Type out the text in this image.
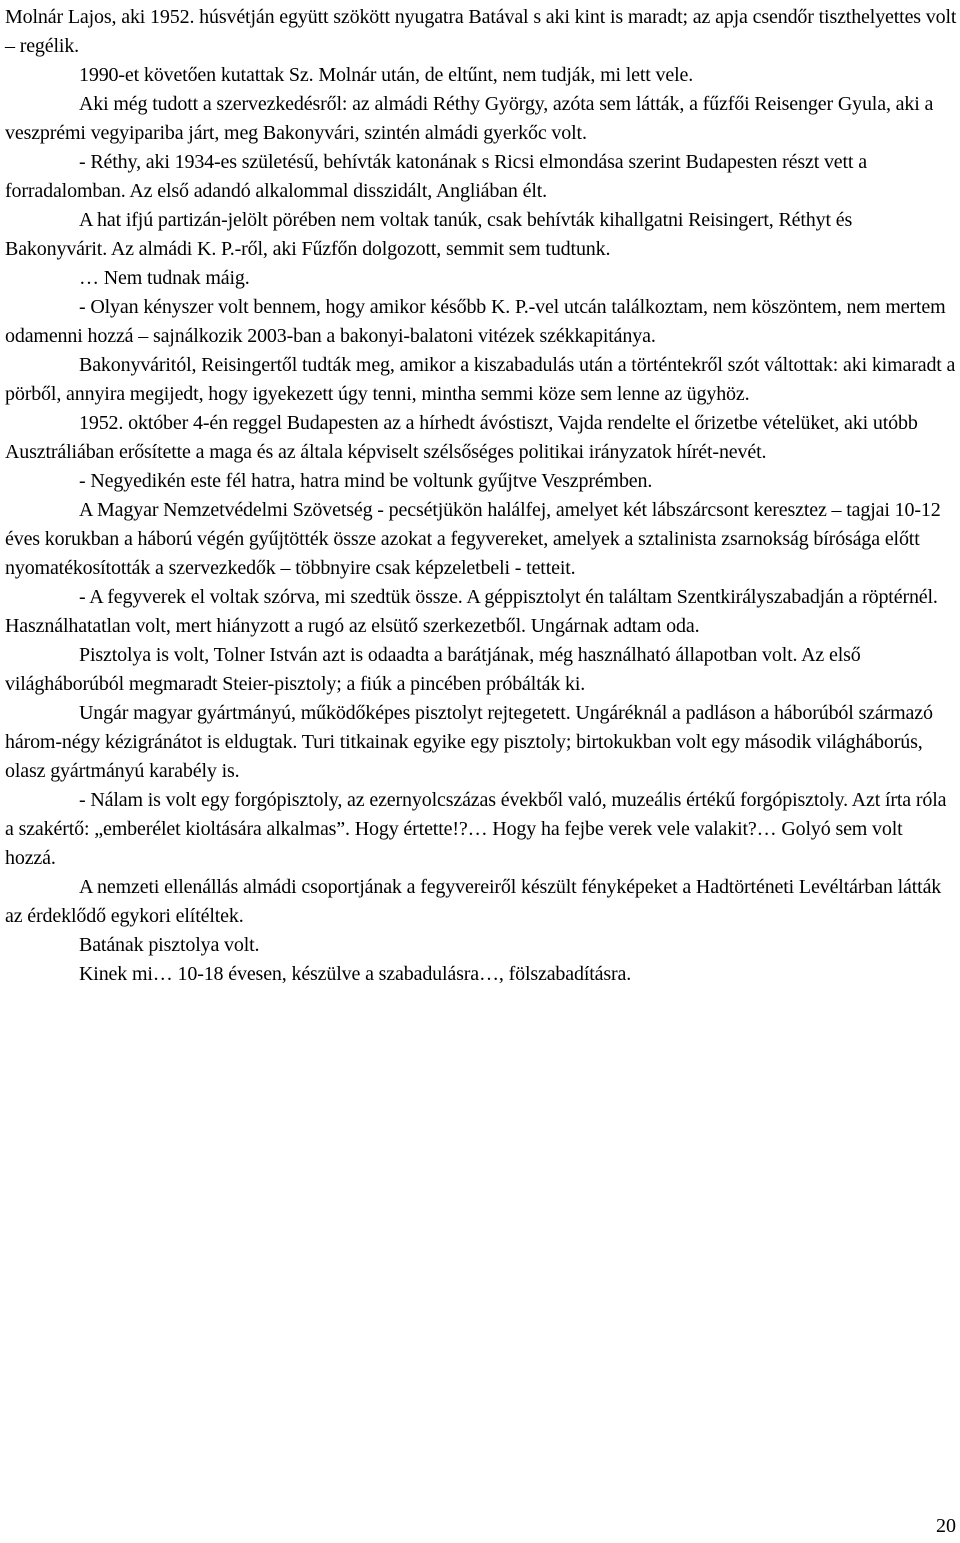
Molnár Lajos, aki 1952. húsvétján együtt szökött nyugatra Batával s aki kint is maradt; az apja csendőr tiszthelyettes volt – regélik.

1990-et követően kutattak Sz. Molnár után, de eltűnt, nem tudják, mi lett vele.

Aki még tudott a szervezkedésről: az almádi Réthy György, azóta sem látták, a fűzfői Reisenger Gyula, aki a veszprémi vegyipariba járt, meg Bakonyvári, szintén almádi gyerkőc volt.

- Réthy, aki 1934-es születésű, behívták katonának s Ricsi elmondása szerint Budapesten részt vett a forradalomban. Az első adandó alkalommal disszidált, Angliában élt.

A hat ifjú partizán-jelölt pörében nem voltak tanúk, csak behívták kihallgatni Reisingert, Réthyt és Bakonyvárit. Az almádi K. P.-ről, aki Fűzfőn dolgozott, semmit sem tudtunk.

… Nem tudnak máig.

- Olyan kényszer volt bennem, hogy amikor később K. P.-vel utcán találkoztam, nem köszöntem, nem mertem odamenni hozzá – sajnálkozik 2003-ban a bakonyi-balatoni vitézek székkapitánya.

Bakonyváritól, Reisingertől tudták meg, amikor a kiszabadulás után a történtekről szót váltottak: aki kimaradt a pörből, annyira megijedt, hogy igyekezett úgy tenni, mintha semmi köze sem lenne az ügyhöz.

1952. október 4-én reggel Budapesten az a hírhedt ávóstiszt, Vajda rendelte el őrizetbe vételüket, aki utóbb Ausztráliában erősítette a maga és az általa képviselt szélsőséges politikai irányzatok hírét-nevét.

- Negyedikén este fél hatra, hatra mind be voltunk gyűjtve Veszprémben.

A Magyar Nemzetvédelmi Szövetség - pecsétjükön halálfej, amelyet két lábszárcsont keresztez – tagjai 10-12 éves korukban a háború végén gyűjtötték össze azokat a fegyvereket, amelyek a sztalinista zsarnokság bírósága előtt nyomatékosították a szervezkedők – többnyire csak képzeletbeli - tetteit.

- A fegyverek el voltak szórva, mi szedtük össze. A géppisztolyt én találtam Szentkirályszabadján a röptérnél. Használhatatlan volt, mert hiányzott a rugó az elsütő szerkezetből. Ungárnak adtam oda.

Pisztolya is volt, Tolner István azt is odaadta a barátjának, még használható állapotban volt. Az első világháborúból megmaradt Steier-pisztoly; a fiúk a pincében próbálták ki.

Ungár magyar gyártmányú, működőképes pisztolyt rejtegetett. Ungáréknál a padláson a háborúból származó három-négy kézigránátot is eldugtak. Turi titkainak egyike egy pisztoly; birtokukban volt egy második világháborús, olasz gyártmányú karabély is.

- Nálam is volt egy forgópisztoly, az ezernyolcszázas évekből való, muzeális értékű forgópisztoly. Azt írta róla a szakértő: „emberélet kioltására alkalmas”. Hogy értette!?… Hogy ha fejbe verek vele valakit?… Golyó sem volt hozzá.

A nemzeti ellenállás almádi csoportjának a fegyvereiről készült fényképeket a Hadtörténeti Levéltárban látták az érdeklődő egykori elítéltek.

Batának pisztolya volt.

Kinek mi… 10-18 évesen, készülve a szabadulásra…, fölszabadításra.

20
